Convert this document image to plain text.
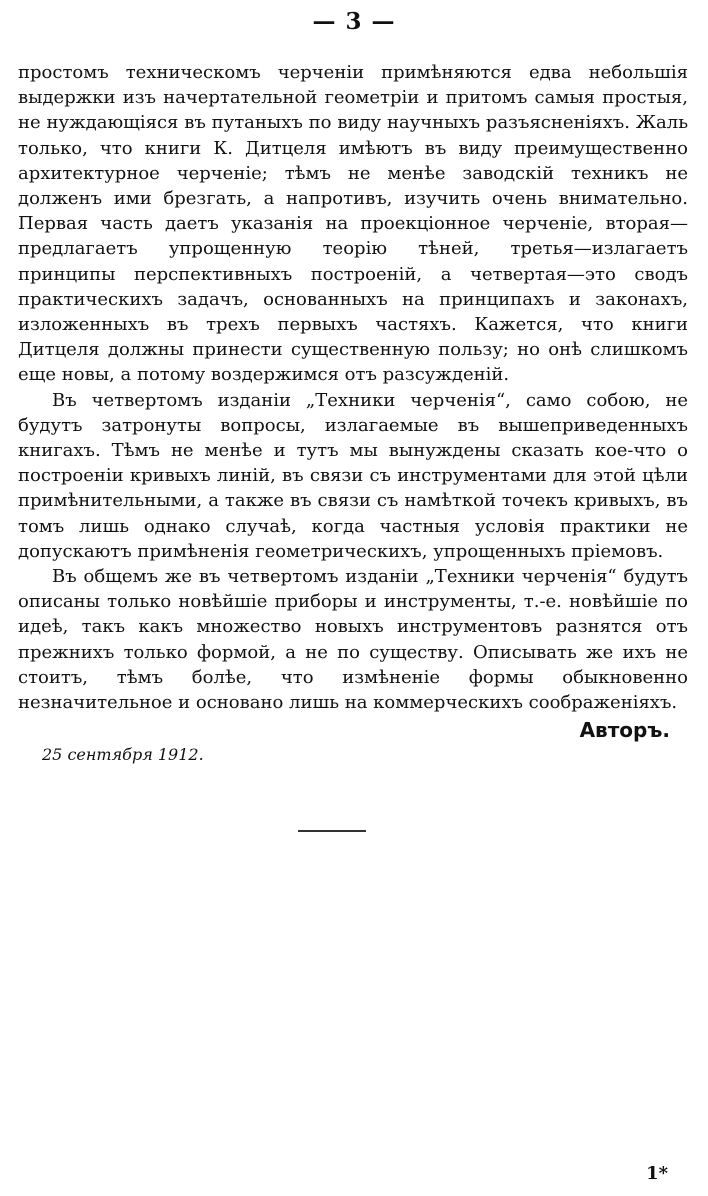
— 3 —

простомъ техническомъ черченіи примѣняются едва небольшія выдержки изъ начертательной геометріи и притомъ самыя простыя, не нуждающіяся въ путаныхъ по виду научныхъ разъясненіяхъ. Жаль только, что книги К. Дитцеля имѣютъ въ виду преимущественно архитектурное черченіе; тѣмъ не менѣе заводскій техникъ не долженъ ими брезгать, а напротивъ, изучить очень внимательно. Первая часть даетъ указанія на проекціонное черченіе, вторая—предлагаетъ упрощенную теорію тѣней, третья—излагаетъ принципы перспективныхъ построеній, а четвертая—это сводъ практическихъ задачъ, основанныхъ на принципахъ и законахъ, изложенныхъ въ трехъ первыхъ частяхъ. Кажется, что книги Дитцеля должны принести существенную пользу; но онѣ слишкомъ еще новы, а потому воздержимся отъ разсужденій.

Въ четвертомъ изданіи „Техники черченія“, само собою, не будутъ затронуты вопросы, излагаемые въ вышеприведенныхъ книгахъ. Тѣмъ не менѣе и тутъ мы вынуждены сказать кое-что о построеніи кривыхъ линій, въ связи съ инструментами для этой цѣли примѣнительными, а также въ связи съ намѣткой точекъ кривыхъ, въ томъ лишь однако случаѣ, когда частныя условія практики не допускаютъ примѣненія геометрическихъ, упрощенныхъ пріемовъ.

Въ общемъ же въ четвертомъ изданіи „Техники черченія“ будутъ описаны только новѣйшіе приборы и инструменты, т.-е. новѣйшіе по идеѣ, такъ какъ множество новыхъ инструментовъ разнятся отъ прежнихъ только формой, а не по существу. Описывать же ихъ не стоитъ, тѣмъ болѣе, что измѣненіе формы обыкновенно незначительное и основано лишь на коммерческихъ соображеніяхъ.

Авторъ.
25 сентября 1912.
1*
